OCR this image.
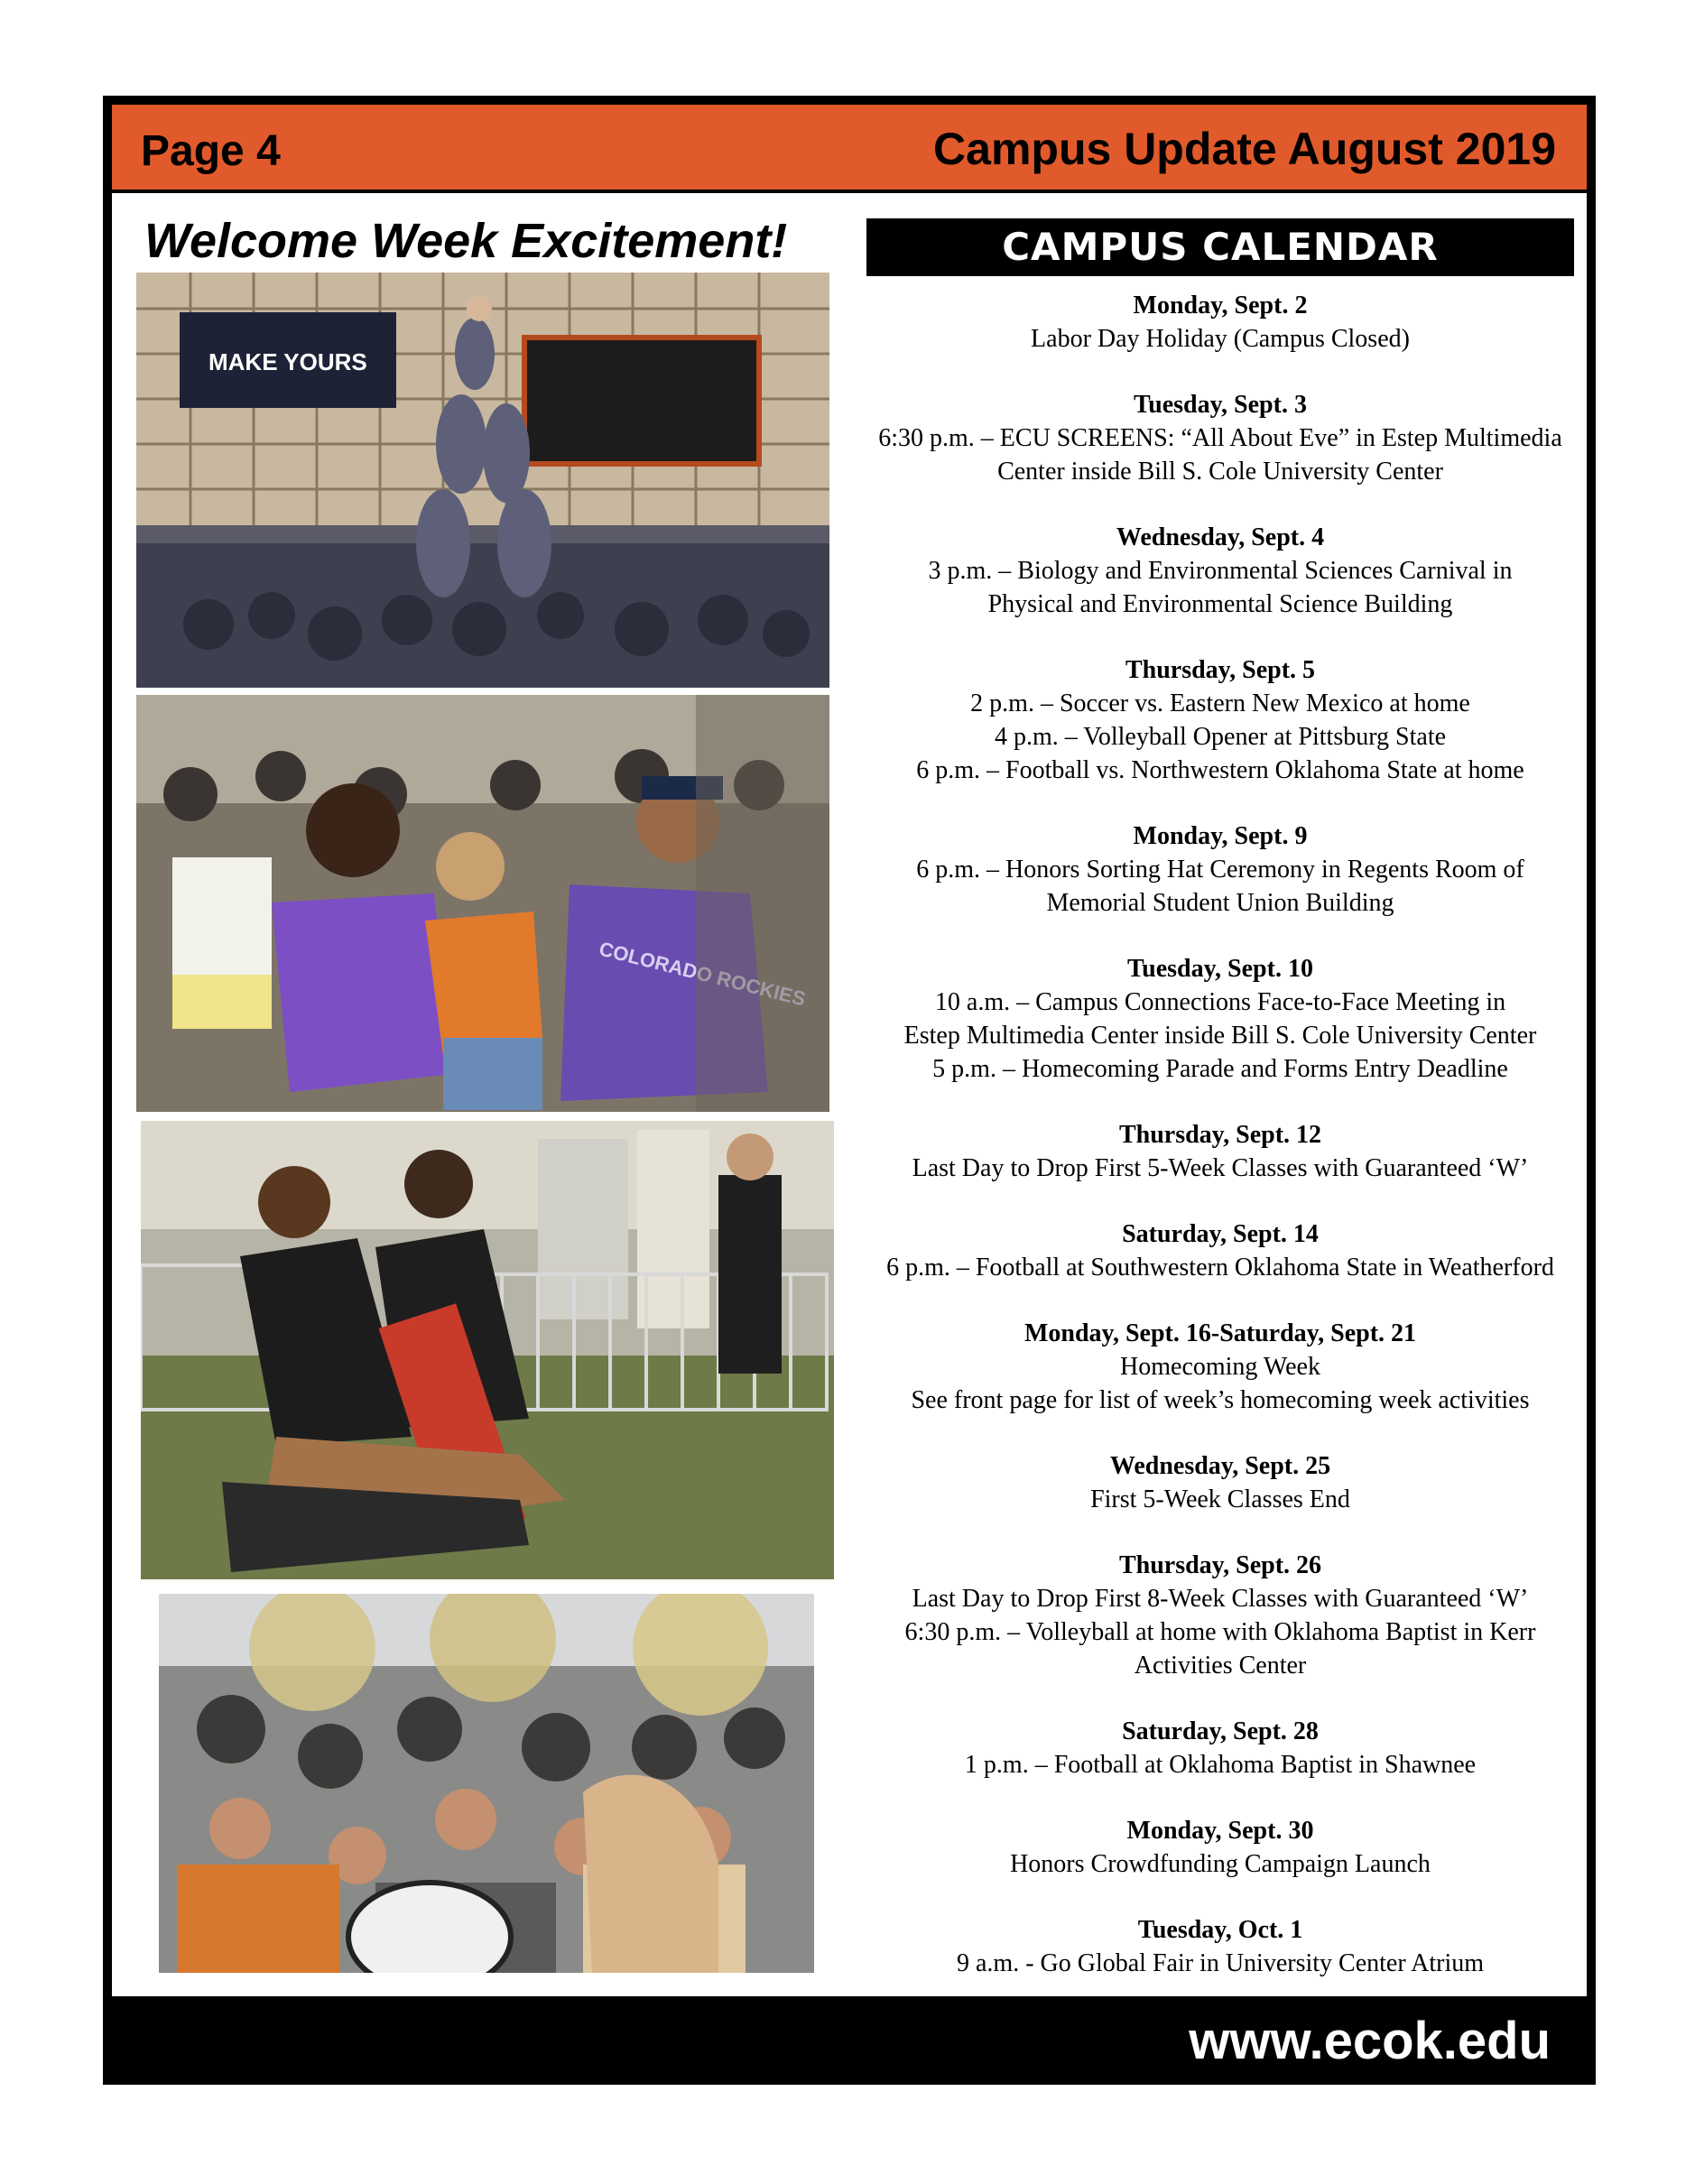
Page 4	Campus Update August 2019
Welcome Week Excitement!
MAKE YOURS
COLORADO
CAMPUS CALENDAR
Monday, Sept. 2
Labor Day Holiday (Campus Closed)
Tuesday, Sept. 3
6:30 p.m. – ECU SCREENS: “All About Eve” in Estep Multimedia
Center inside Bill S. Cole University Center
Wednesday, Sept. 4
3 p.m. – Biology and Environmental Sciences Carnival in
Physical and Environmental Science Building
Thursday, Sept. 5
2 p.m. – Soccer vs. Eastern New Mexico at home
4 p.m. – Volleyball Opener at Pittsburg State
6 p.m. – Football vs. Northwestern Oklahoma State at home
Monday, Sept. 9
6 p.m. – Honors Sorting Hat Ceremony in Regents Room of
Memorial Student Union Building
Tuesday, Sept. 10
10 a.m. – Campus Connections Face-to-Face Meeting in
Estep Multimedia Center inside Bill S. Cole University Center
5 p.m. – Homecoming Parade and Forms Entry Deadline
Thursday, Sept. 12
Last Day to Drop First 5-Week Classes with Guaranteed ‘W’
Saturday, Sept. 14
6 p.m. – Football at Southwestern Oklahoma State in Weatherford
Monday, Sept. 16-Saturday, Sept. 21
Homecoming Week
See front page for list of week’s homecoming week activities
Wednesday, Sept. 25
First 5-Week Classes End
Thursday, Sept. 26
Last Day to Drop First 8-Week Classes with Guaranteed ‘W’
6:30 p.m. – Volleyball at home with Oklahoma Baptist in Kerr
Activities Center
Saturday, Sept. 28
1 p.m. – Football at Oklahoma Baptist in Shawnee
Monday, Sept. 30
Honors Crowdfunding Campaign Launch
Tuesday, Oct. 1
9 a.m. - Go Global Fair in University Center Atrium
www.ecok.edu
